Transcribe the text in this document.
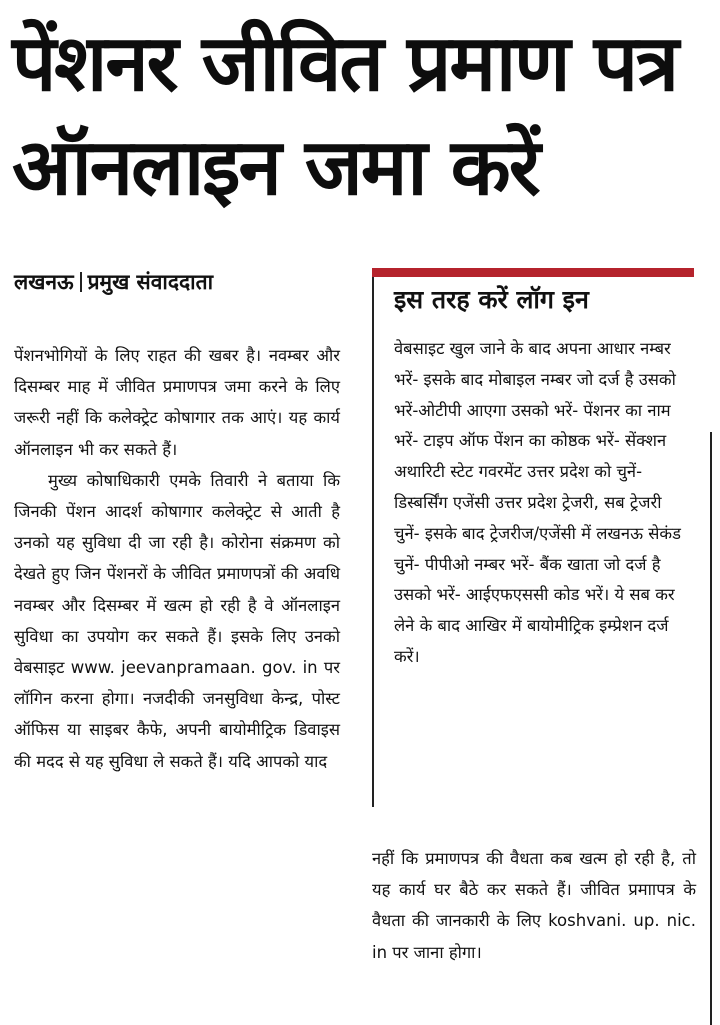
पेंशनर जीवित प्रमाण पत्र
ऑनलाइन जमा करें
लखनऊ प्रमुख संवाददाता

पेंशनभोगियों के लिए राहत की खबर है। नवम्बर और दिसम्बर माह में जीवित प्रमाणपत्र जमा करने के लिए जरूरी नहीं कि कलेक्ट्रेट कोषागार तक आएं। यह कार्य ऑनलाइन भी कर सकते हैं।

मुख्य कोषाधिकारी एमके तिवारी ने बताया कि जिनकी पेंशन आदर्श कोषागार कलेक्ट्रेट से आती है उनको यह सुविधा दी जा रही है। कोरोना संक्रमण को देखते हुए जिन पेंशनरों के जीवित प्रमाणपत्रों की अवधि नवम्बर और दिसम्बर में खत्म हो रही है वे ऑनलाइन सुविधा का उपयोग कर सकते हैं। इसके लिए उनको वेबसाइट www. jeevanpramaan. gov. in पर लॉगिन करना होगा। नजदीकी जनसुविधा केन्द्र, पोस्ट ऑफिस या साइबर कैफे, अपनी बायोमीट्रिक डिवाइस की मदद से यह सुविधा ले सकते हैं। यदि आपको याद

इस तरह करें लॉग इन
वेबसाइट खुल जाने के बाद अपना आधार नम्बर भरें- इसके बाद मोबाइल नम्बर जो दर्ज है उसको भरें-ओटीपी आएगा उसको भरें- पेंशनर का नाम भरें- टाइप ऑफ पेंशन का कोष्ठक भरें- सेंक्शन अथारिटी स्टेट गवरमेंट उत्तर प्रदेश को चुनें- डिस्बर्सिंग एजेंसी उत्तर प्रदेश ट्रेजरी, सब ट्रेजरी चुनें- इसके बाद ट्रेजरीज/एजेंसी में लखनऊ सेकंड चुनें- पीपीओ नम्बर भरें- बैंक खाता जो दर्ज है उसको भरें- आईएफएससी कोड भरें। ये सब कर लेने के बाद आखिर में बायोमीट्रिक इम्प्रेशन दर्ज करें।
नहीं कि प्रमाणपत्र की वैधता कब खत्म हो रही है, तो यह कार्य घर बैठे कर सकते हैं। जीवित प्रमाापत्र के वैधता की जानकारी के लिए koshvani. up. nic. in पर जाना होगा।
